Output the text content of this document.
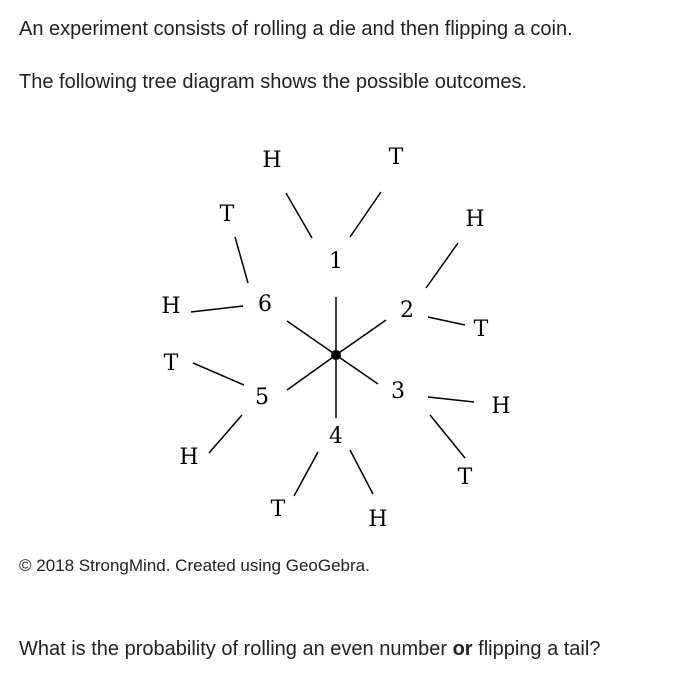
An experiment consists of rolling a die and then flipping a coin.

The following tree diagram shows the possible outcomes.

1
2
3
4
5
6
H	T
H
T
H
T
T	H
H
T
H
T

© 2018 StrongMind. Created using GeoGebra.

What is the probability of rolling an even number or flipping a tail?
